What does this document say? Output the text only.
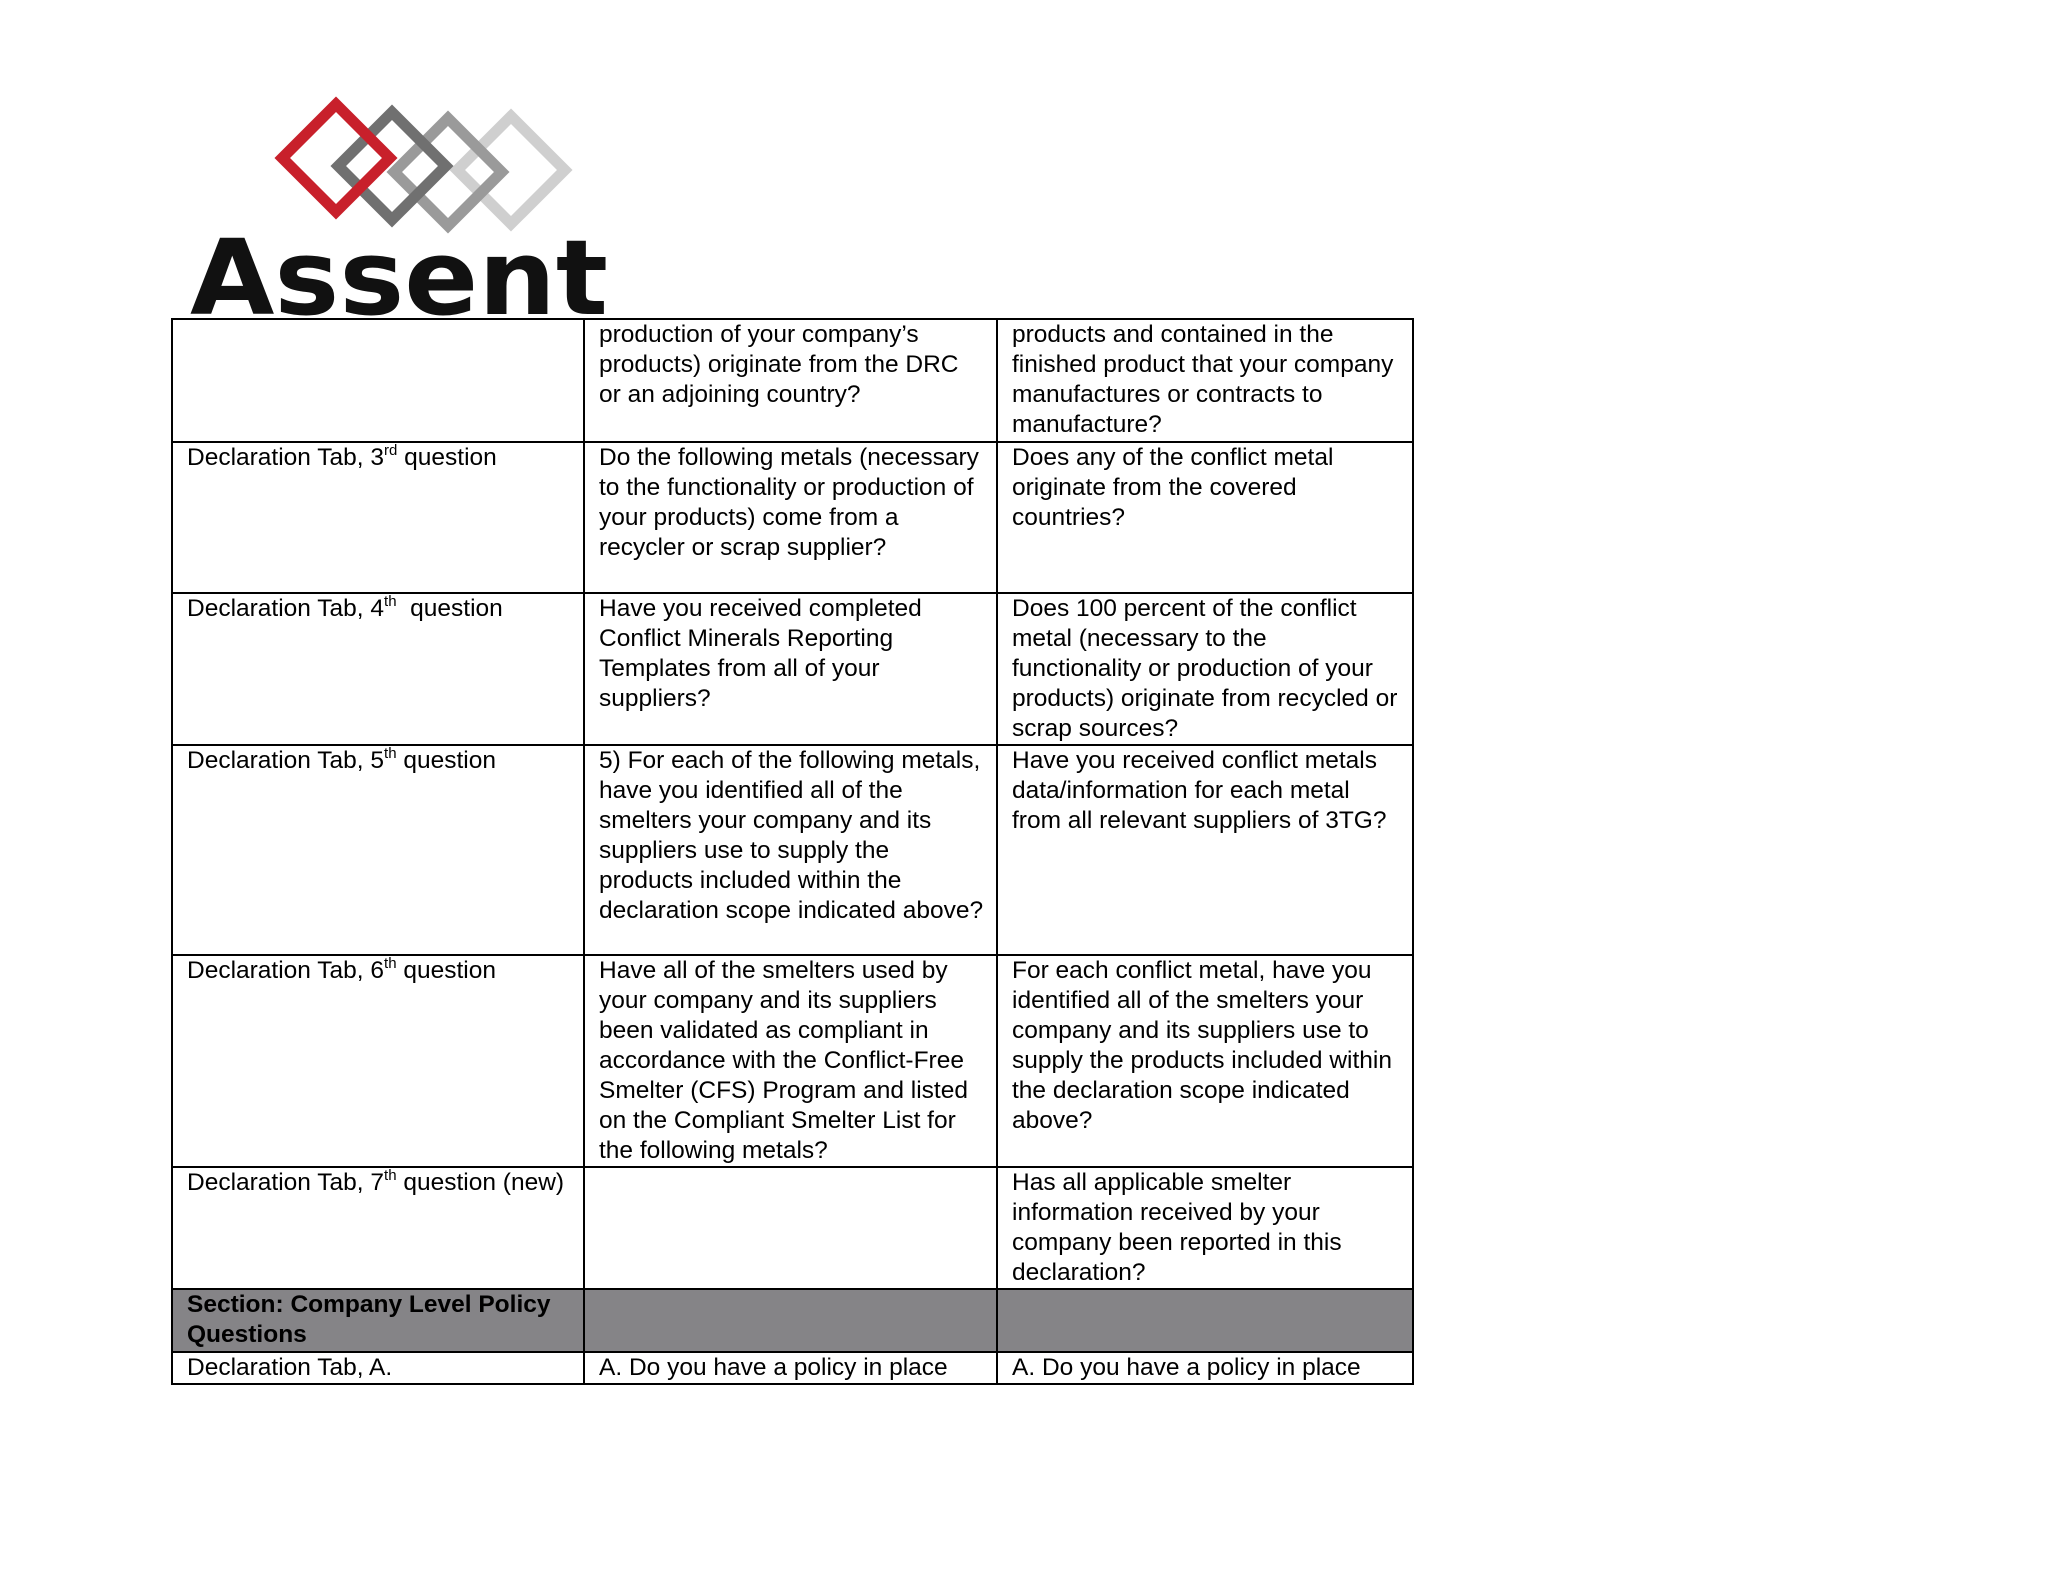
Assent
	production of your company’s products) originate from the DRC or an adjoining country?	products and contained in the finished product that your company manufactures or contracts to manufacture?
Declaration Tab, 3rd question	Do the following metals (necessary to the functionality or production of your products) come from a recycler or scrap supplier?	Does any of the conflict metal originate from the covered countries?
Declaration Tab, 4th  question	Have you received completed Conflict Minerals Reporting Templates from all of your suppliers?	Does 100 percent of the conflict metal (necessary to the functionality or production of your products) originate from recycled or scrap sources?
Declaration Tab, 5th question	5) For each of the following metals, have you identified all of the smelters your company and its suppliers use to supply the products included within the declaration scope indicated above?	Have you received conflict metals data/information for each metal from all relevant suppliers of 3TG?
Declaration Tab, 6th question	Have all of the smelters used by your company and its suppliers been validated as compliant in accordance with the Conflict-Free Smelter (CFS) Program and listed on the Compliant Smelter List for the following metals?	For each conflict metal, have you identified all of the smelters your company and its suppliers use to supply the products included within the declaration scope indicated above?
Declaration Tab, 7th question (new)		Has all applicable smelter information received by your company been reported in this declaration?
Section: Company Level Policy Questions		
Declaration Tab, A.	A. Do you have a policy in place	A. Do you have a policy in place
